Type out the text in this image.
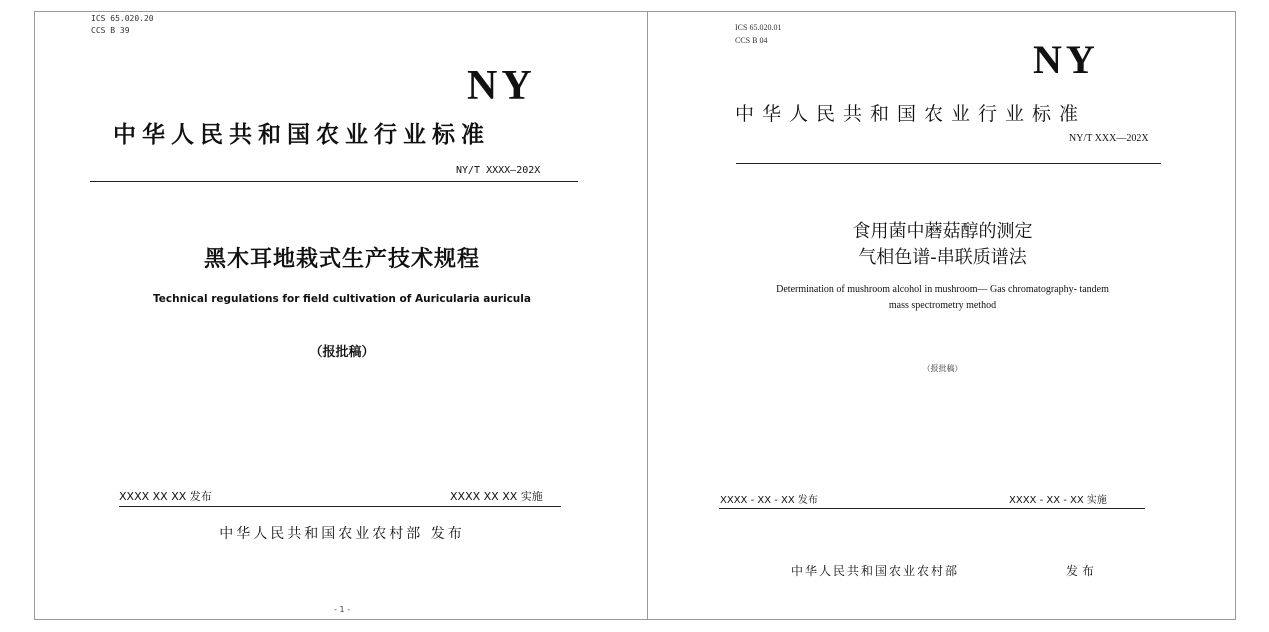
ICS 65.020.20
CCS B 39
NY
中华人民共和国农业行业标准
NY/T XXXX—202X
黑木耳地栽式生产技术规程
Technical regulations for field cultivation of Auricularia auricula
（报批稿）
XXXX XX XX 发布	XXXX XX XX 实施
中华人民共和国农业农村部 发布
- 1 -
ICS 65.020.01
CCS B 04	NY
中华人民共和国农业行业标准
NY/T XXX—202X
食用菌中蘑菇醇的测定
气相色谱-串联质谱法
Determination of mushroom alcohol in mushroom— Gas chromatography- tandem
mass spectrometry method
（报批稿）
XXXX - XX - XX 发布	XXXX - XX - XX 实施
中华人民共和国农业农村部	发 布
